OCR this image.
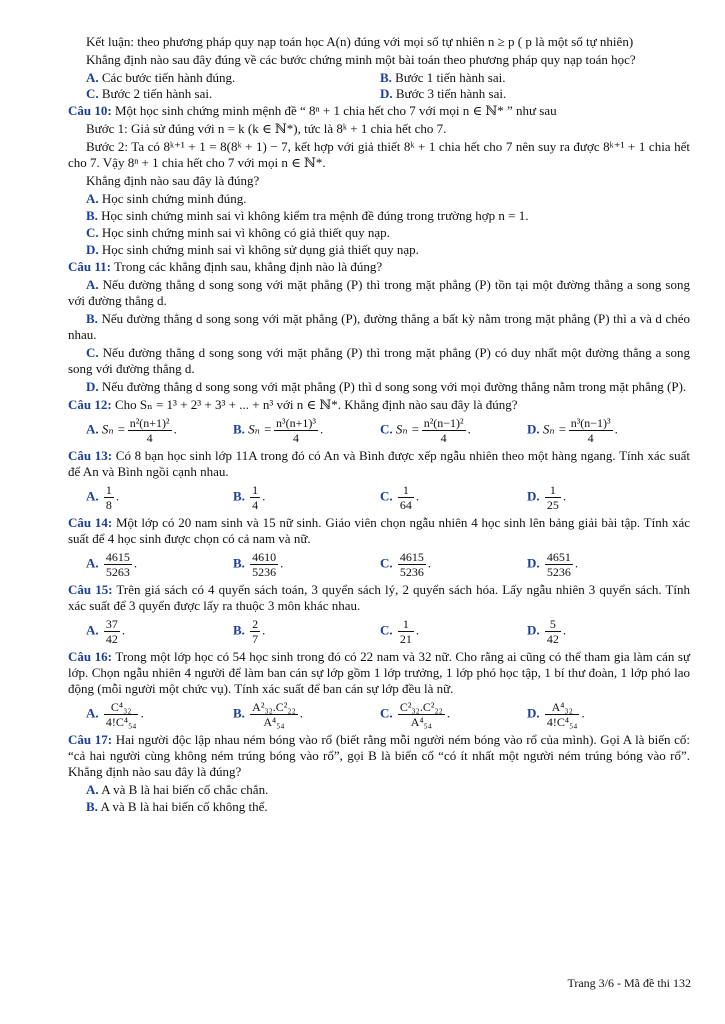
Kết luận: theo phương pháp quy nạp toán học A(n) đúng với mọi số tự nhiên n ≥ p ( p là một số tự nhiên)

Khẳng định nào sau đây đúng về các bước chứng minh một bài toán theo phương pháp quy nạp toán học?

A. Các bước tiến hành đúng.	B. Bước 1 tiến hành sai.
C. Bước 2 tiến hành sai.	D. Bước 3 tiến hành sai.

Câu 10: Một học sinh chứng minh mệnh đề “ 8ⁿ + 1 chia hết cho 7 với mọi n ∈ ℕ* ” như sau

Bước 1: Giả sử đúng với n = k (k ∈ ℕ*), tức là 8ᵏ + 1 chia hết cho 7.

Bước 2: Ta có 8ᵏ⁺¹ + 1 = 8(8ᵏ + 1) − 7, kết hợp với giả thiết 8ᵏ + 1 chia hết cho 7 nên suy ra được 8ᵏ⁺¹ + 1 chia hết cho 7. Vậy 8ⁿ + 1 chia hết cho 7 với mọi n ∈ ℕ*.

Khẳng định nào sau đây là đúng?

A. Học sinh chứng minh đúng.

B. Học sinh chứng minh sai vì không kiểm tra mệnh đề đúng trong trường hợp n = 1.

C. Học sinh chứng minh sai vì không có giả thiết quy nạp.

D. Học sinh chứng minh sai vì không sử dụng giả thiết quy nạp.

Câu 11: Trong các khẳng định sau, khẳng định nào là đúng?

A. Nếu đường thẳng d song song với mặt phẳng (P) thì trong mặt phẳng (P) tồn tại một đường thẳng a song song với đường thẳng d.

B. Nếu đường thẳng d song song với mặt phẳng (P), đường thẳng a bất kỳ nằm trong mặt phẳng (P) thì a và d chéo nhau.

C. Nếu đường thẳng d song song với mặt phẳng (P) thì trong mặt phẳng (P) có duy nhất một đường thẳng a song song với đường thẳng d.

D. Nếu đường thẳng d song song với mặt phẳng (P) thì d song song với mọi đường thẳng nằm trong mặt phẳng (P).

Câu 12: Cho Sₙ = 1³ + 2³ + 3³ + ... + n³ với n ∈ ℕ*. Khẳng định nào sau đây là đúng?

A. $S_n = \frac{\text{n²(n+1)²}}{4}$ .	B. $S_n = \frac{\text{n³(n+1)³}}{4}$ .	C. $S_n = \frac{\text{n²(n−1)²}}{4}$ .	D. $S_n = \frac{\text{n³(n−1)³}}{4}$ .

Câu 13: Có 8 bạn học sinh lớp 11A trong đó có An và Bình được xếp ngẫu nhiên theo một hàng ngang. Tính xác suất để An và Bình ngồi cạnh nhau.

A. $\frac{1}{8}$ .	B. $\frac{1}{4}$ .	C. $\frac{1}{64}$ .	D. $\frac{1}{25}$ .

Câu 14: Một lớp có 20 nam sinh và 15 nữ sinh. Giáo viên chọn ngẫu nhiên 4 học sinh lên bảng giải bài tập. Tính xác suất để 4 học sinh được chọn có cả nam và nữ.

A. $\frac{4615}{5263}$ .	B. $\frac{4610}{5236}$ .	C. $\frac{4615}{5236}$ .	D. $\frac{4651}{5236}$ .

Câu 15: Trên giá sách có 4 quyển sách toán, 3 quyển sách lý, 2 quyển sách hóa. Lấy ngẫu nhiên 3 quyển sách. Tính xác suất để 3 quyển được lấy ra thuộc 3 môn khác nhau.

A. $\frac{37}{42}$ .	B. $\frac{2}{7}$ .	C. $\frac{1}{21}$ .	D. $\frac{5}{42}$ .

Câu 16: Trong một lớp học có 54 học sinh trong đó có 22 nam và 32 nữ. Cho rằng ai cũng có thể tham gia làm cán sự lớp. Chọn ngẫu nhiên 4 người để làm ban cán sự lớp gồm 1 lớp trưởng, 1 lớp phó học tập, 1 bí thư đoàn, 1 lớp phó lao động (mỗi người một chức vụ). Tính xác suất để ban cán sự lớp đều là nữ.

A. $\frac{\text{C⁴₃₂}}{\text{4!C⁴₅₄}}$ .	B. $\frac{\text{A²₃₂.C²₂₂}}{\text{A⁴₅₄}}$ .	C. $\frac{\text{C²₃₂.C²₂₂}}{\text{A⁴₅₄}}$ .	D. $\frac{\text{A⁴₃₂}}{\text{4!C⁴₅₄}}$ .

Câu 17: Hai người độc lập nhau ném bóng vào rổ (biết rằng mỗi người ném bóng vào rổ của mình). Gọi A là biến cố: “cả hai người cùng không ném trúng bóng vào rổ”, gọi B là biến cố “có ít nhất một người ném trúng bóng vào rổ”. Khẳng định nào sau đây là đúng?

A. A và B là hai biến cố chắc chắn.

B. A và B là hai biến cố không thể.

Trang 3/6 - Mã đề thi 132
